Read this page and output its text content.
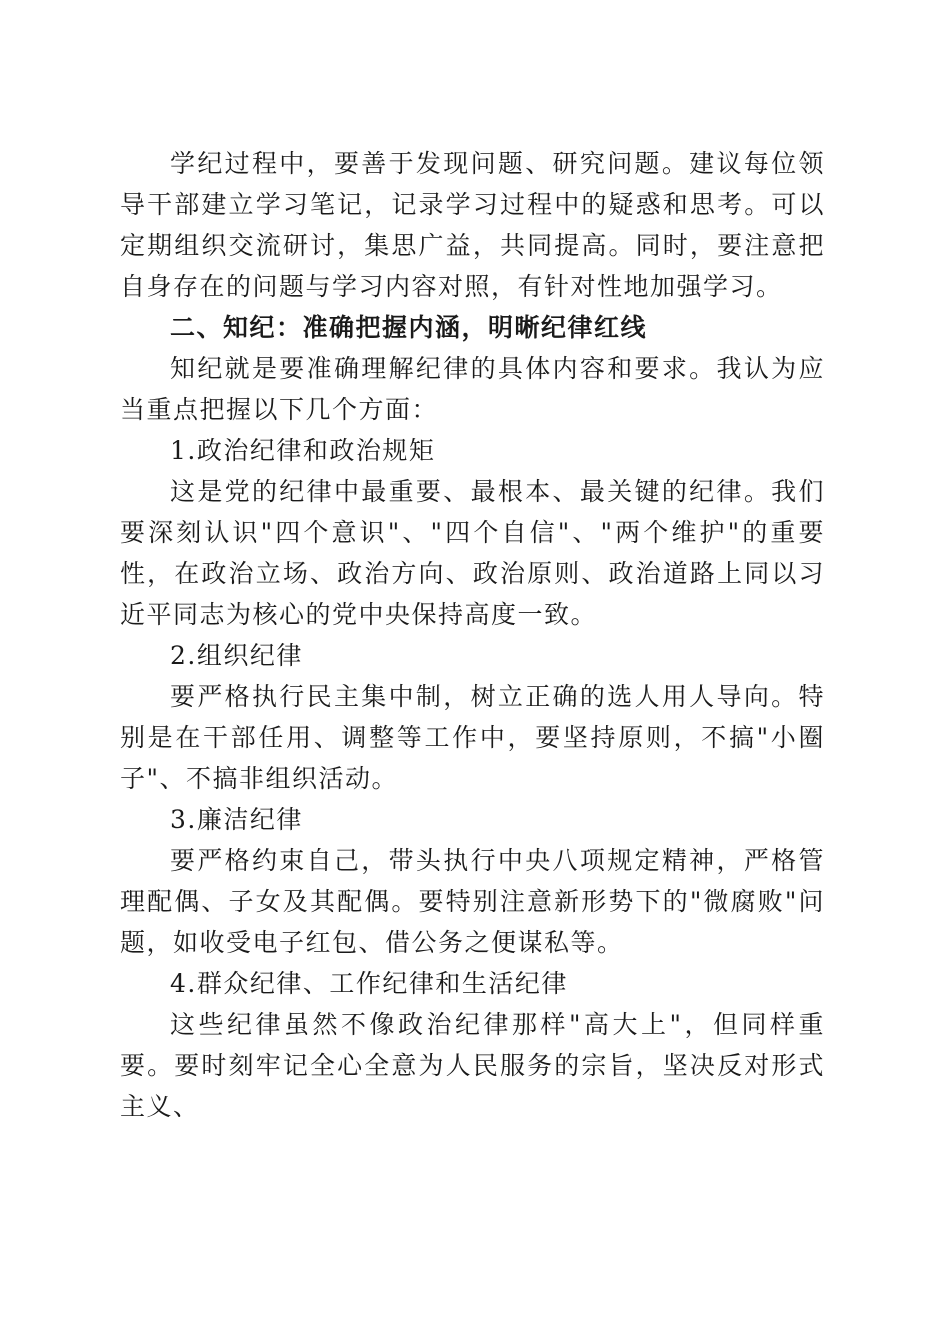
学纪过程中，要善于发现问题、研究问题。建议每位领导干部建立学习笔记，记录学习过程中的疑惑和思考。可以定期组织交流研讨，集思广益，共同提高。同时，要注意把自身存在的问题与学习内容对照，有针对性地加强学习。

二、知纪：准确把握内涵，明晰纪律红线

知纪就是要准确理解纪律的具体内容和要求。我认为应当重点把握以下几个方面：

1.政治纪律和政治规矩

这是党的纪律中最重要、最根本、最关键的纪律。我们要深刻认识"四个意识"、"四个自信"、"两个维护"的重要性，在政治立场、政治方向、政治原则、政治道路上同以习近平同志为核心的党中央保持高度一致。

2.组织纪律

要严格执行民主集中制，树立正确的选人用人导向。特别是在干部任用、调整等工作中，要坚持原则，不搞"小圈子"、不搞非组织活动。

3.廉洁纪律

要严格约束自己，带头执行中央八项规定精神，严格管理配偶、子女及其配偶。要特别注意新形势下的"微腐败"问题，如收受电子红包、借公务之便谋私等。

4.群众纪律、工作纪律和生活纪律

这些纪律虽然不像政治纪律那样"高大上"，但同样重要。要时刻牢记全心全意为人民服务的宗旨，坚决反对形式主义、
